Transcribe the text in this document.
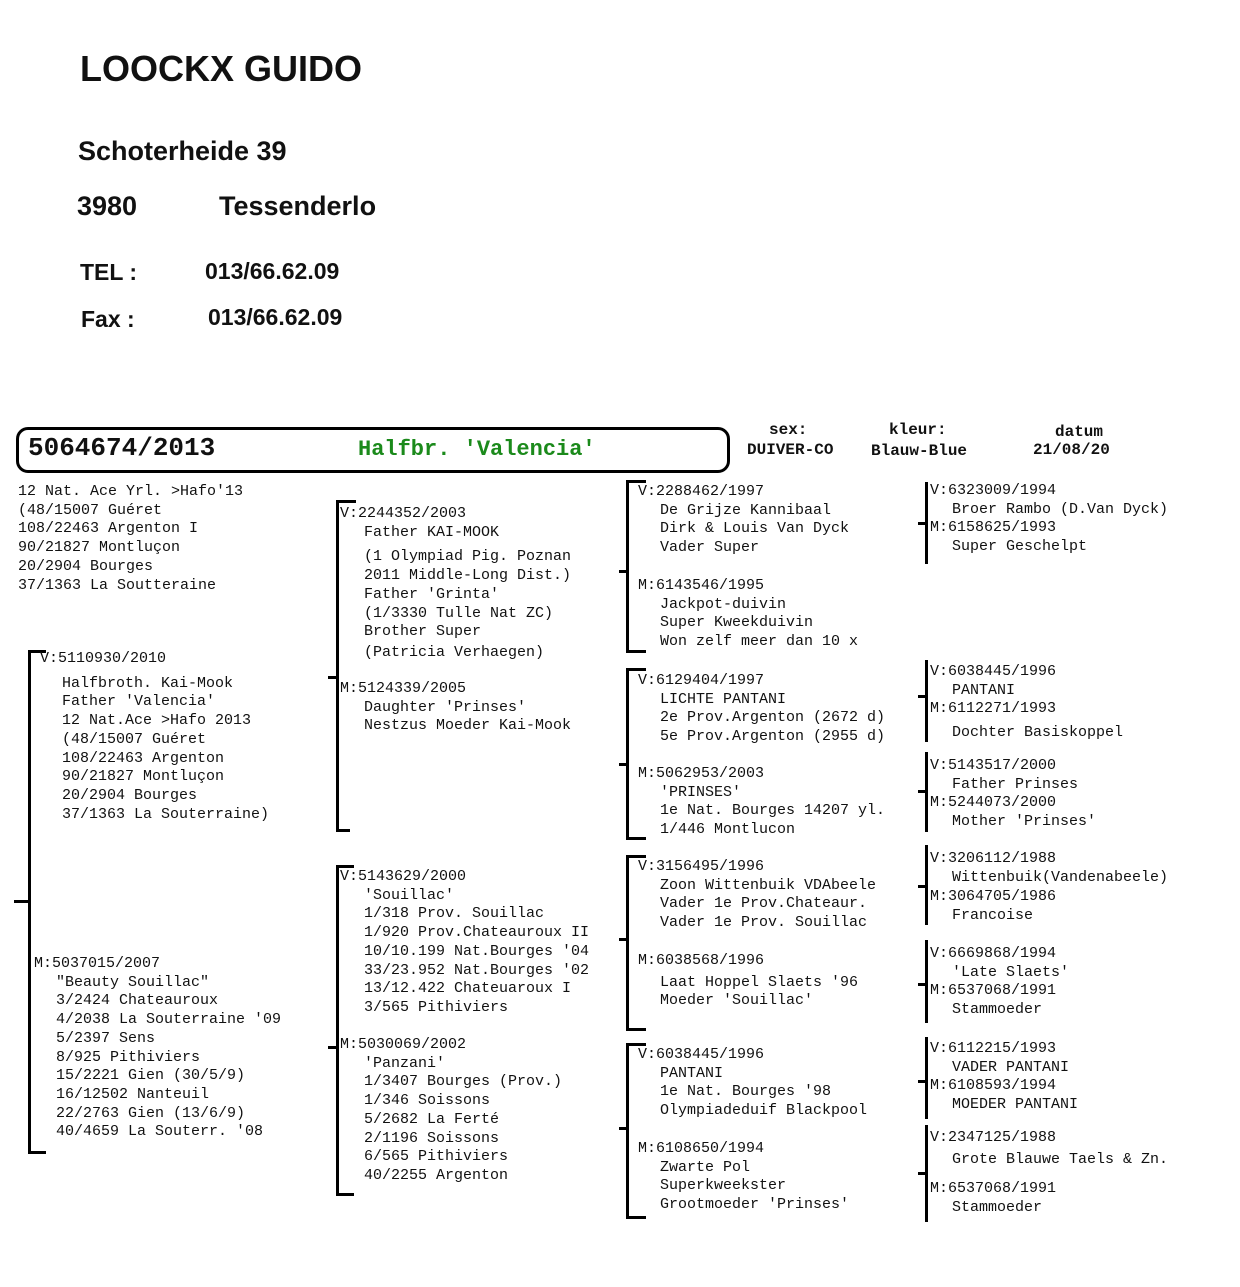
LOOCKX GUIDO
Schoterheide 39
3980	Tessenderlo
TEL :	013/66.62.09
Fax :	013/66.62.09
5064674/2013	Halfbr. 'Valencia'
sex:
DUIVER-CO
kleur:
Blauw-Blue
datum
21/08/20
12 Nat. Ace Yrl. >Hafo'13
(48/15007 Guéret
108/22463 Argenton I
90/21827 Montluçon
20/2904 Bourges
37/1363 La Soutteraine
V:5110930/2010
Halfbroth. Kai-Mook
Father 'Valencia'
12 Nat.Ace >Hafo 2013
(48/15007 Guéret
108/22463 Argenton
90/21827 Montluçon
20/2904 Bourges
37/1363 La Souterraine)
M:5037015/2007
"Beauty Souillac"
3/2424 Chateauroux
4/2038 La Souterraine '09
5/2397 Sens
8/925 Pithiviers
15/2221 Gien (30/5/9)
16/12502 Nanteuil
22/2763 Gien (13/6/9)
40/4659 La Souterr. '08
V:2244352/2003
Father KAI-MOOK
(1 Olympiad Pig. Poznan
2011 Middle-Long Dist.)
Father 'Grinta'
(1/3330 Tulle Nat ZC)
Brother Super
(Patricia Verhaegen)
M:5124339/2005
Daughter 'Prinses'
Nestzus Moeder Kai-Mook
V:5143629/2000
'Souillac'
1/318 Prov. Souillac
1/920 Prov.Chateauroux II
10/10.199 Nat.Bourges '04
33/23.952 Nat.Bourges '02
13/12.422 Chateuaroux I
3/565 Pithiviers
M:5030069/2002
'Panzani'
1/3407 Bourges (Prov.)
1/346 Soissons
5/2682 La Ferté
2/1196 Soissons
6/565 Pithiviers
40/2255 Argenton
V:2288462/1997
De Grijze Kannibaal
Dirk & Louis Van Dyck
Vader Super
M:6143546/1995
Jackpot-duivin
Super Kweekduivin
Won zelf meer dan 10 x
V:6129404/1997
LICHTE PANTANI
2e Prov.Argenton (2672 d)
5e Prov.Argenton (2955 d)
M:5062953/2003
'PRINSES'
1e Nat. Bourges 14207 yl.
1/446 Montlucon
V:3156495/1996
Zoon Wittenbuik VDAbeele
Vader 1e Prov.Chateaur.
Vader 1e Prov. Souillac
M:6038568/1996
Laat Hoppel Slaets '96
Moeder 'Souillac'
V:6038445/1996
PANTANI
1e Nat. Bourges '98
Olympiadeduif Blackpool
M:6108650/1994
Zwarte Pol
Superkweekster
Grootmoeder 'Prinses'
V:6323009/1994
Broer Rambo (D.Van Dyck)
M:6158625/1993
Super Geschelpt
V:6038445/1996
PANTANI
M:6112271/1993
Dochter Basiskoppel
V:5143517/2000
Father Prinses
M:5244073/2000
Mother 'Prinses'
V:3206112/1988
Wittenbuik(Vandenabeele)
M:3064705/1986
Francoise
V:6669868/1994
'Late Slaets'
M:6537068/1991
Stammoeder
V:6112215/1993
VADER PANTANI
M:6108593/1994
MOEDER PANTANI
V:2347125/1988
Grote Blauwe Taels & Zn.
M:6537068/1991
Stammoeder
